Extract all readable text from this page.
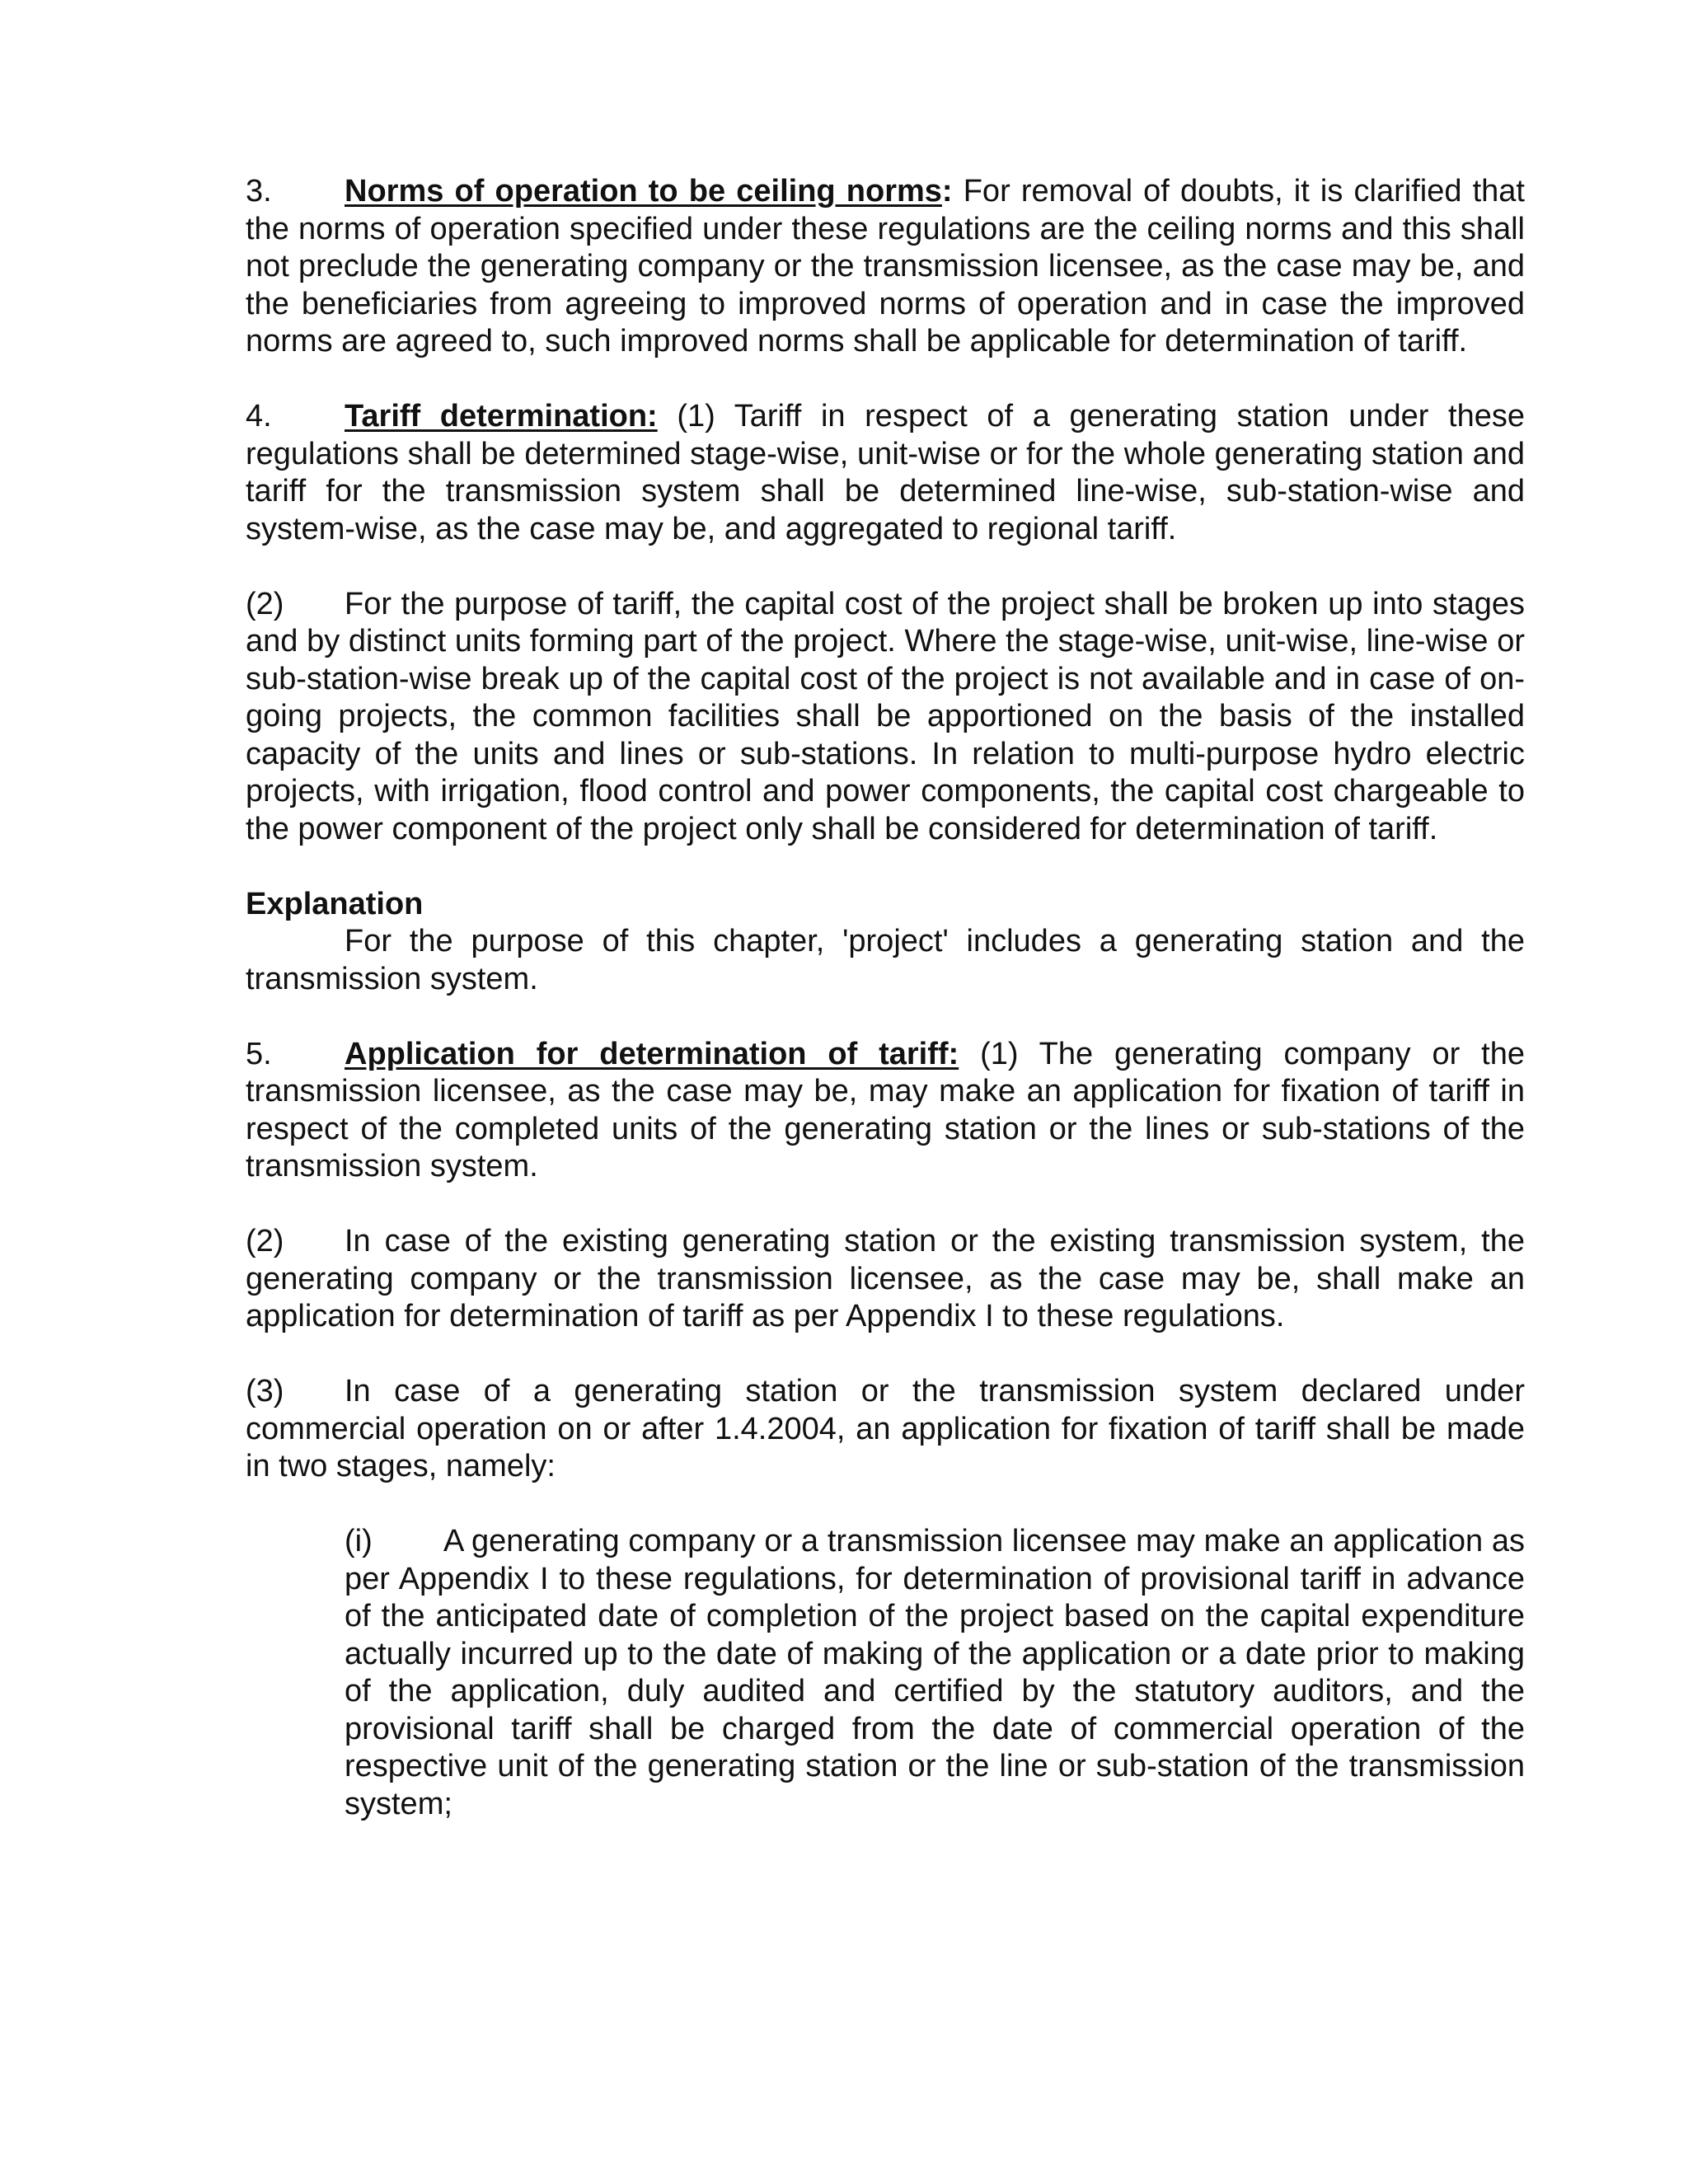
3. Norms of operation to be ceiling norms: For removal of doubts, it is clarified that the norms of operation specified under these regulations are the ceiling norms and this shall not preclude the generating company or the transmission licensee, as the case may be, and the beneficiaries from agreeing to improved norms of operation and in case the improved norms are agreed to, such improved norms shall be applicable for determination of tariff.

4. Tariff determination: (1) Tariff in respect of a generating station under these regulations shall be determined stage-wise, unit-wise or for the whole generating station and tariff for the transmission system shall be determined line-wise, sub-station-wise and system-wise, as the case may be, and aggregated to regional tariff.

(2) For the purpose of tariff, the capital cost of the project shall be broken up into stages and by distinct units forming part of the project. Where the stage-wise, unit-wise, line-wise or sub-station-wise break up of the capital cost of the project is not available and in case of on-going projects, the common facilities shall be apportioned on the basis of the installed capacity of the units and lines or sub-stations. In relation to multi-purpose hydro electric projects, with irrigation, flood control and power components, the capital cost chargeable to the power component of the project only shall be considered for determination of tariff.

Explanation

For the purpose of this chapter, 'project' includes a generating station and the transmission system.

5. Application for determination of tariff: (1) The generating company or the transmission licensee, as the case may be, may make an application for fixation of tariff in respect of the completed units of the generating station or the lines or sub-stations of the transmission system.

(2) In case of the existing generating station or the existing transmission system, the generating company or the transmission licensee, as the case may be, shall make an application for determination of tariff as per Appendix I to these regulations.

(3) In case of a generating station or the transmission system declared under commercial operation on or after 1.4.2004, an application for fixation of tariff shall be made in two stages, namely:

(i) A generating company or a transmission licensee may make an application as per Appendix I to these regulations, for determination of provisional tariff in advance of the anticipated date of completion of the project based on the capital expenditure actually incurred up to the date of making of the application or a date prior to making of the application, duly audited and certified by the statutory auditors, and the provisional tariff shall be charged from the date of commercial operation of the respective unit of the generating station or the line or sub-station of the transmission system;
